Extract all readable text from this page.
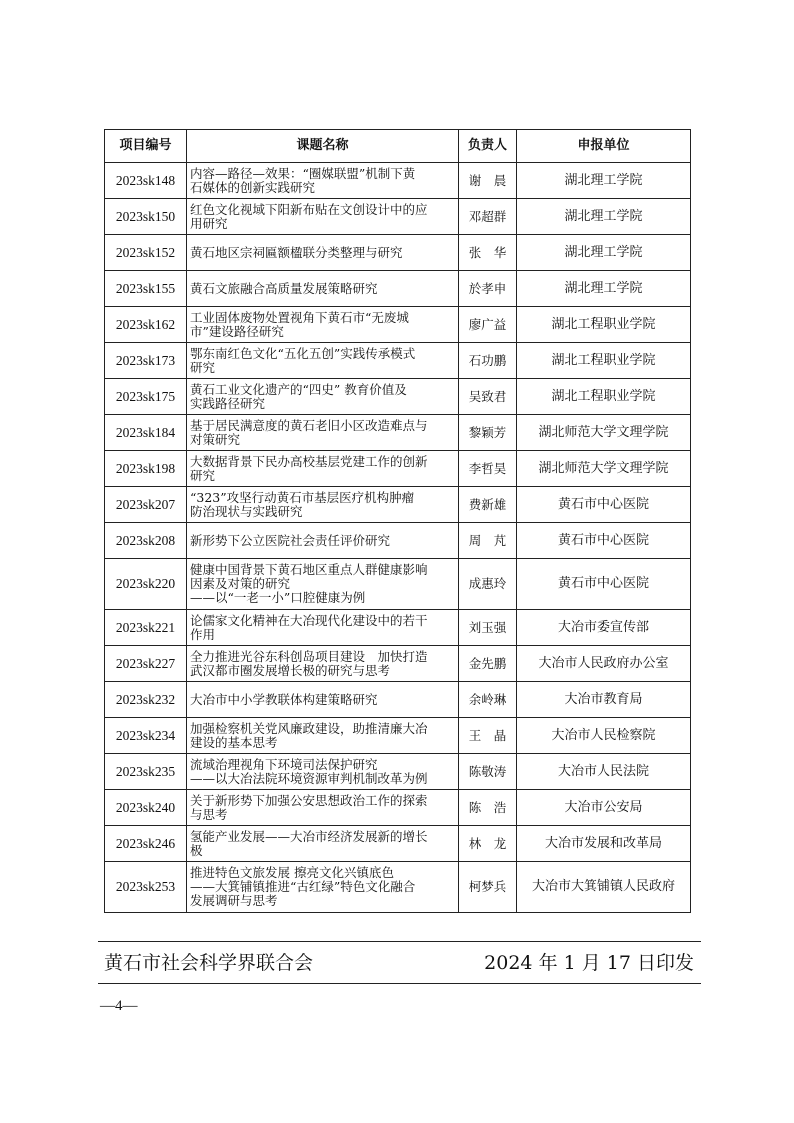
项目编号	课题名称	负责人	申报单位
2023sk148	内容—路径—效果：“圈媒联盟”机制下黄
石媒体的创新实践研究	谢　晨	湖北理工学院
2023sk150	红色文化视域下阳新布贴在文创设计中的应
用研究	邓超群	湖北理工学院
2023sk152	黄石地区宗祠匾额楹联分类整理与研究	张　华	湖北理工学院
2023sk155	黄石文旅融合高质量发展策略研究	於孝申	湖北理工学院
2023sk162	工业固体废物处置视角下黄石市“无废城
市”建设路径研究	廖广益	湖北工程职业学院
2023sk173	鄂东南红色文化“五化五创”实践传承模式
研究	石功鹏	湖北工程职业学院
2023sk175	黄石工业文化遗产的“四史” 教育价值及
实践路径研究	吴致君	湖北工程职业学院
2023sk184	基于居民满意度的黄石老旧小区改造难点与
对策研究	黎颖芳	湖北师范大学文理学院
2023sk198	大数据背景下民办高校基层党建工作的创新
研究	李哲昊	湖北师范大学文理学院
2023sk207	“323”攻坚行动黄石市基层医疗机构肿瘤
防治现状与实践研究	费新雄	黄石市中心医院
2023sk208	新形势下公立医院社会责任评价研究	周　芃	黄石市中心医院
2023sk220	健康中国背景下黄石地区重点人群健康影响
因素及对策的研究
——以“一老一小”口腔健康为例	成惠玲	黄石市中心医院
2023sk221	论儒家文化精神在大冶现代化建设中的若干
作用	刘玉强	大冶市委宣传部
2023sk227	全力推进光谷东科创岛项目建设　加快打造
武汉都市圈发展增长极的研究与思考	金先鹏	大冶市人民政府办公室
2023sk232	大冶市中小学教联体构建策略研究	余岭琳	大冶市教育局
2023sk234	加强检察机关党风廉政建设，助推清廉大冶
建设的基本思考	王　晶	大冶市人民检察院
2023sk235	流域治理视角下环境司法保护研究
——以大冶法院环境资源审判机制改革为例	陈敬涛	大冶市人民法院
2023sk240	关于新形势下加强公安思想政治工作的探索
与思考	陈　浩	大冶市公安局
2023sk246	氢能产业发展——大冶市经济发展新的增长
极	林　龙	大冶市发展和改革局
2023sk253	推进特色文旅发展 擦亮文化兴镇底色
——大箕铺镇推进“古红绿”特色文化融合
发展调研与思考	柯梦兵	大冶市大箕铺镇人民政府
黄石市社会科学界联合会	2024 年 1 月 17 日印发
—4—
